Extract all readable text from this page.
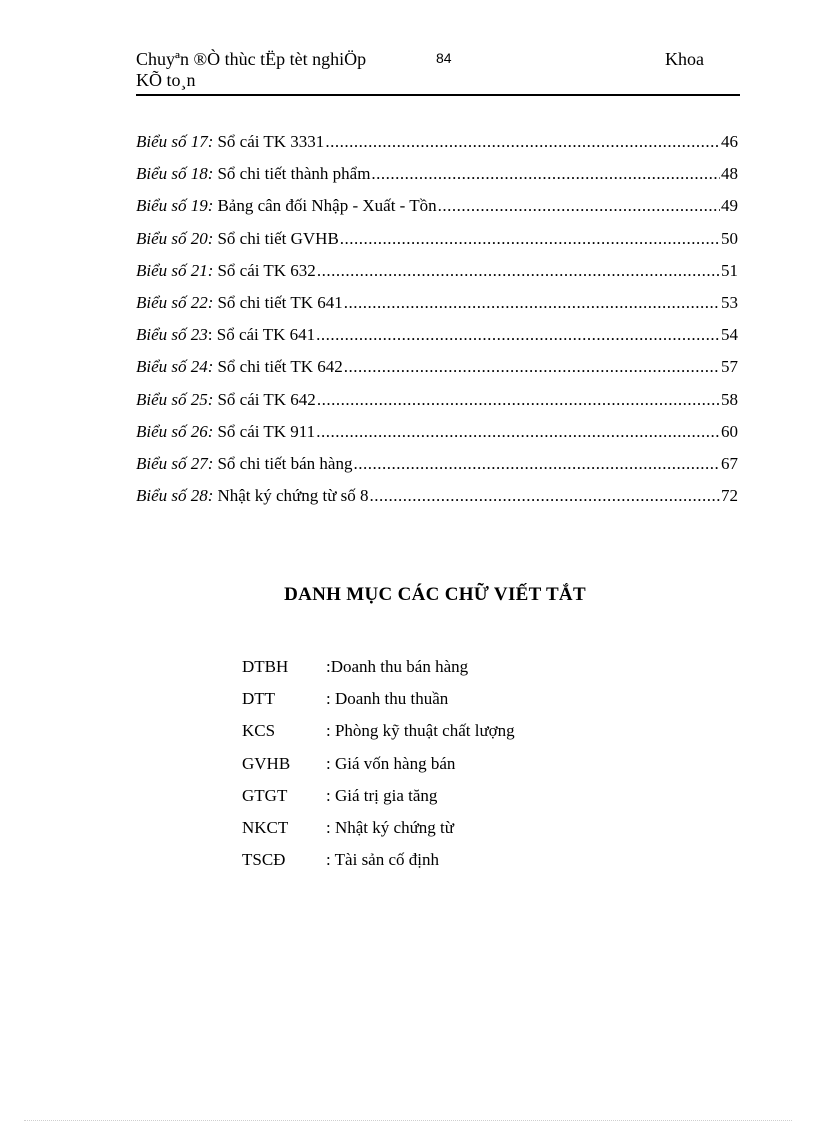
Chuyªn ®Ò thùc tËp tèt nghiÖp
KÕ to¸n
84	Khoa
Biểu số 17: Sổ cái TK 3331 .....	46
Biểu số 18: Sổ chi tiết thành phẩm .....	48
Biểu số 19: Bảng cân đối Nhập - Xuất - Tồn .....	49
Biểu số 20: Sổ chi tiết GVHB .....	50
Biểu số 21: Sổ cái TK 632 .....	51
Biểu số 22: Sổ chi tiết TK 641 .....	53
Biểu số 23 : Sổ cái TK 641 .....	54
Biểu số 24: Sổ chi tiết TK 642 .....	57
Biểu số 25: Sổ cái TK 642 .....	58
Biểu số 26: Sổ cái TK 911 .....	60
Biểu số 27: Sổ chi tiết bán hàng .....	67
Biểu số 28: Nhật ký chứng từ số 8 .....	72
DANH MỤC CÁC CHỮ VIẾT TẮT
DTBH	:Doanh thu bán hàng
DTT	: Doanh thu thuần
KCS	: Phòng kỹ thuật chất lượng
GVHB	: Giá vốn hàng bán
GTGT	: Giá trị gia tăng
NKCT	: Nhật ký chứng từ
TSCĐ	: Tài sản cố định
